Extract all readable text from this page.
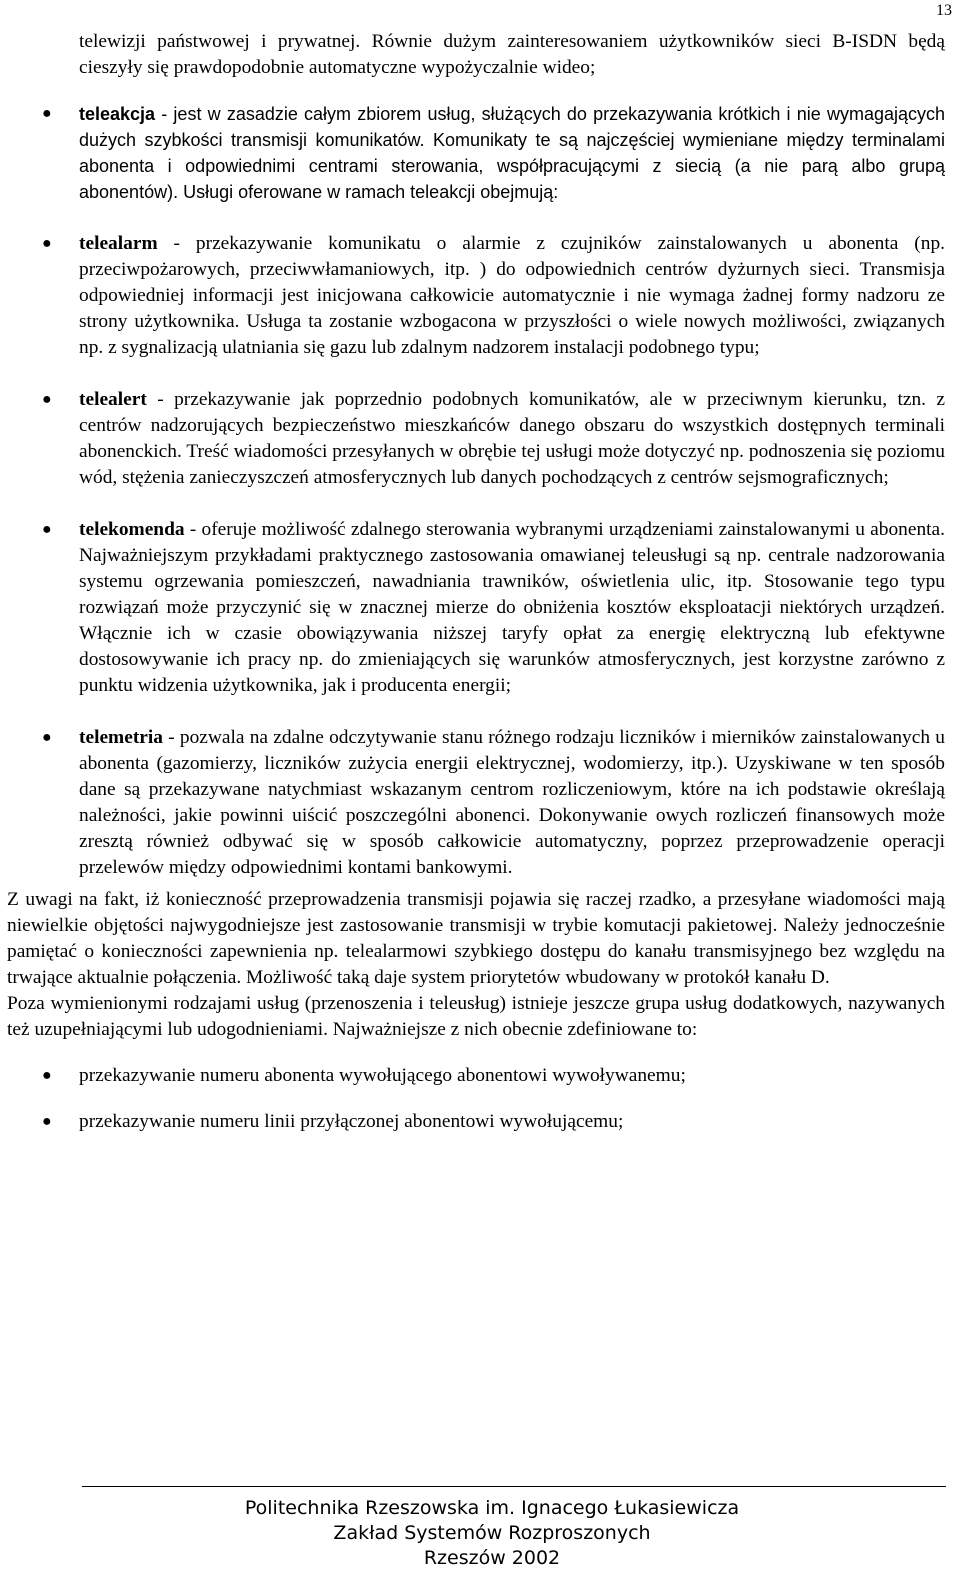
13
telewizji państwowej i prywatnej. Równie dużym zainteresowaniem użytkowników sieci B-ISDN będą cieszyły się prawdopodobnie automatyczne wypożyczalnie wideo;
● teleakcja - jest w zasadzie całym zbiorem usług, służących do przekazywania krótkich i nie wymagających dużych szybkości transmisji komunikatów. Komunikaty te są najczęściej wymieniane między terminalami abonenta i odpowiednimi centrami sterowania, współpracującymi z siecią (a nie parą albo grupą abonentów). Usługi oferowane w ramach teleakcji obejmują:
● telealarm - przekazywanie komunikatu o alarmie z czujników zainstalowanych u abonenta (np. przeciwpożarowych, przeciwwłamaniowych, itp. ) do odpowiednich centrów dyżurnych sieci. Transmisja odpowiedniej informacji jest inicjowana całkowicie automatycznie i nie wymaga żadnej formy nadzoru ze strony użytkownika. Usługa ta zostanie wzbogacona w przyszłości o wiele nowych możliwości, związanych np. z sygnalizacją ulatniania się gazu lub zdalnym nadzorem instalacji podobnego typu;
● telealert - przekazywanie jak poprzednio podobnych komunikatów, ale w przeciwnym kierunku, tzn. z centrów nadzorujących bezpieczeństwo mieszkańców danego obszaru do wszystkich dostępnych terminali abonenckich. Treść wiadomości przesyłanych w obrębie tej usługi może dotyczyć np. podnoszenia się poziomu wód, stężenia zanieczyszczeń atmosferycznych lub danych pochodzących z centrów sejsmograficznych;
● telekomenda - oferuje możliwość zdalnego sterowania wybranymi urządzeniami zainstalowanymi u abonenta. Najważniejszym przykładami praktycznego zastosowania omawianej teleusługi są np. centrale nadzorowania systemu ogrzewania pomieszczeń, nawadniania trawników, oświetlenia ulic, itp. Stosowanie tego typu rozwiązań może przyczynić się w znacznej mierze do obniżenia kosztów eksploatacji niektórych urządzeń. Włącznie ich w czasie obowiązywania niższej taryfy opłat za energię elektryczną lub efektywne dostosowywanie ich pracy np. do zmieniających się warunków atmosferycznych, jest korzystne zarówno z punktu widzenia użytkownika, jak i producenta energii;
● telemetria - pozwala na zdalne odczytywanie stanu różnego rodzaju liczników i mierników zainstalowanych u abonenta (gazomierzy, liczników zużycia energii elektrycznej, wodomierzy, itp.). Uzyskiwane w ten sposób dane są przekazywane natychmiast wskazanym centrom rozliczeniowym, które na ich podstawie określają należności, jakie powinni uiścić poszczególni abonenci. Dokonywanie owych rozliczeń finansowych może zresztą również odbywać się w sposób całkowicie automatyczny, poprzez przeprowadzenie operacji przelewów między odpowiednimi kontami bankowymi.
Z uwagi na fakt, iż konieczność przeprowadzenia transmisji pojawia się raczej rzadko, a przesyłane wiadomości mają niewielkie objętości najwygodniejsze jest zastosowanie transmisji w trybie komutacji pakietowej. Należy jednocześnie pamiętać o konieczności zapewnienia np. telealarmowi szybkiego dostępu do kanału transmisyjnego bez względu na trwające aktualnie połączenia. Możliwość taką daje system priorytetów wbudowany w protokół kanału D.
Poza wymienionymi rodzajami usług (przenoszenia i teleusług) istnieje jeszcze grupa usług dodatkowych, nazywanych też uzupełniającymi lub udogodnieniami. Najważniejsze z nich obecnie zdefiniowane to:
● przekazywanie numeru abonenta wywołującego abonentowi wywoływanemu;
● przekazywanie numeru linii przyłączonej abonentowi wywołującemu;
Politechnika Rzeszowska im. Ignacego Łukasiewicza
Zakład Systemów Rozproszonych
Rzeszów 2002
